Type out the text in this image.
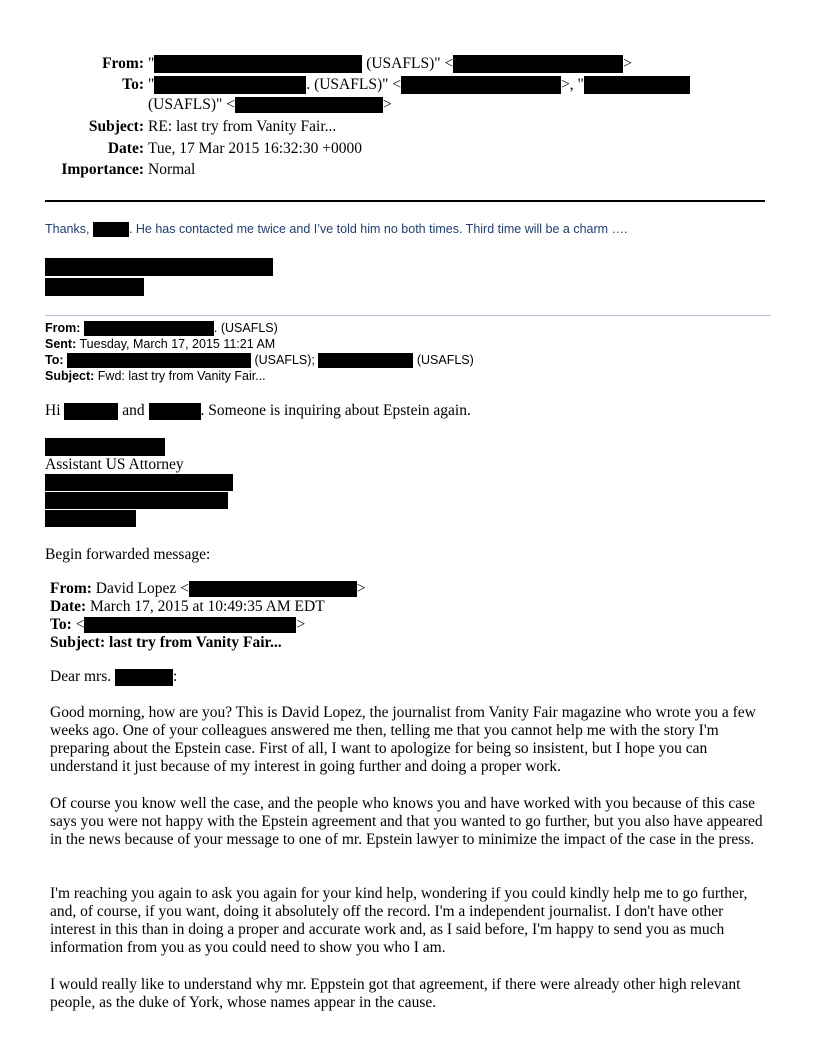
From: "	(USAFLS)" <	>
To: "	. (USAFLS)" <	>, "
(USAFLS)" <	>
Subject: RE: last try from Vanity Fair...
Date: Tue, 17 Mar 2015 16:32:30 +0000
Importance: Normal
Thanks,	. He has contacted me twice and I’ve told him no both times. Third time will be a charm ….
From:	. (USAFLS)
Sent: Tuesday, March 17, 2015 11:21 AM
To:	(USAFLS);	(USAFLS)
Subject: Fwd: last try from Vanity Fair...
Hi	and	. Someone is inquiring about Epstein again.
Assistant US Attorney
Begin forwarded message:
From: David Lopez <	>
Date: March 17, 2015 at 10:49:35 AM EDT
To: <	>
Subject: last try from Vanity Fair...
Dear mrs.	:
Good morning, how are you? This is David Lopez, the journalist from Vanity Fair magazine who wrote you a few weeks ago. One of your colleagues answered me then, telling me that you cannot help me with the story I'm preparing about the Epstein case. First of all, I want to apologize for being so insistent, but I hope you can understand it just because of my interest in going further and doing a proper work.
Of course you know well the case, and the people who knows you and have worked with you because of this case says you were not happy with the Epstein agreement and that you wanted to go further, but you also have appeared in the news because of your message to one of mr. Epstein lawyer to minimize the impact of the case in the press.
I'm reaching you again to ask you again for your kind help, wondering if you could kindly help me to go further, and, of course, if you want, doing it absolutely off the record. I'm a independent journalist. I don't have other interest in this than in doing a proper and accurate work and, as I said before, I'm happy to send you as much information from you as you could need to show you who I am.
I would really like to understand why mr. Eppstein got that agreement, if there were already other high relevant people, as the duke of York, whose names appear in the cause.
